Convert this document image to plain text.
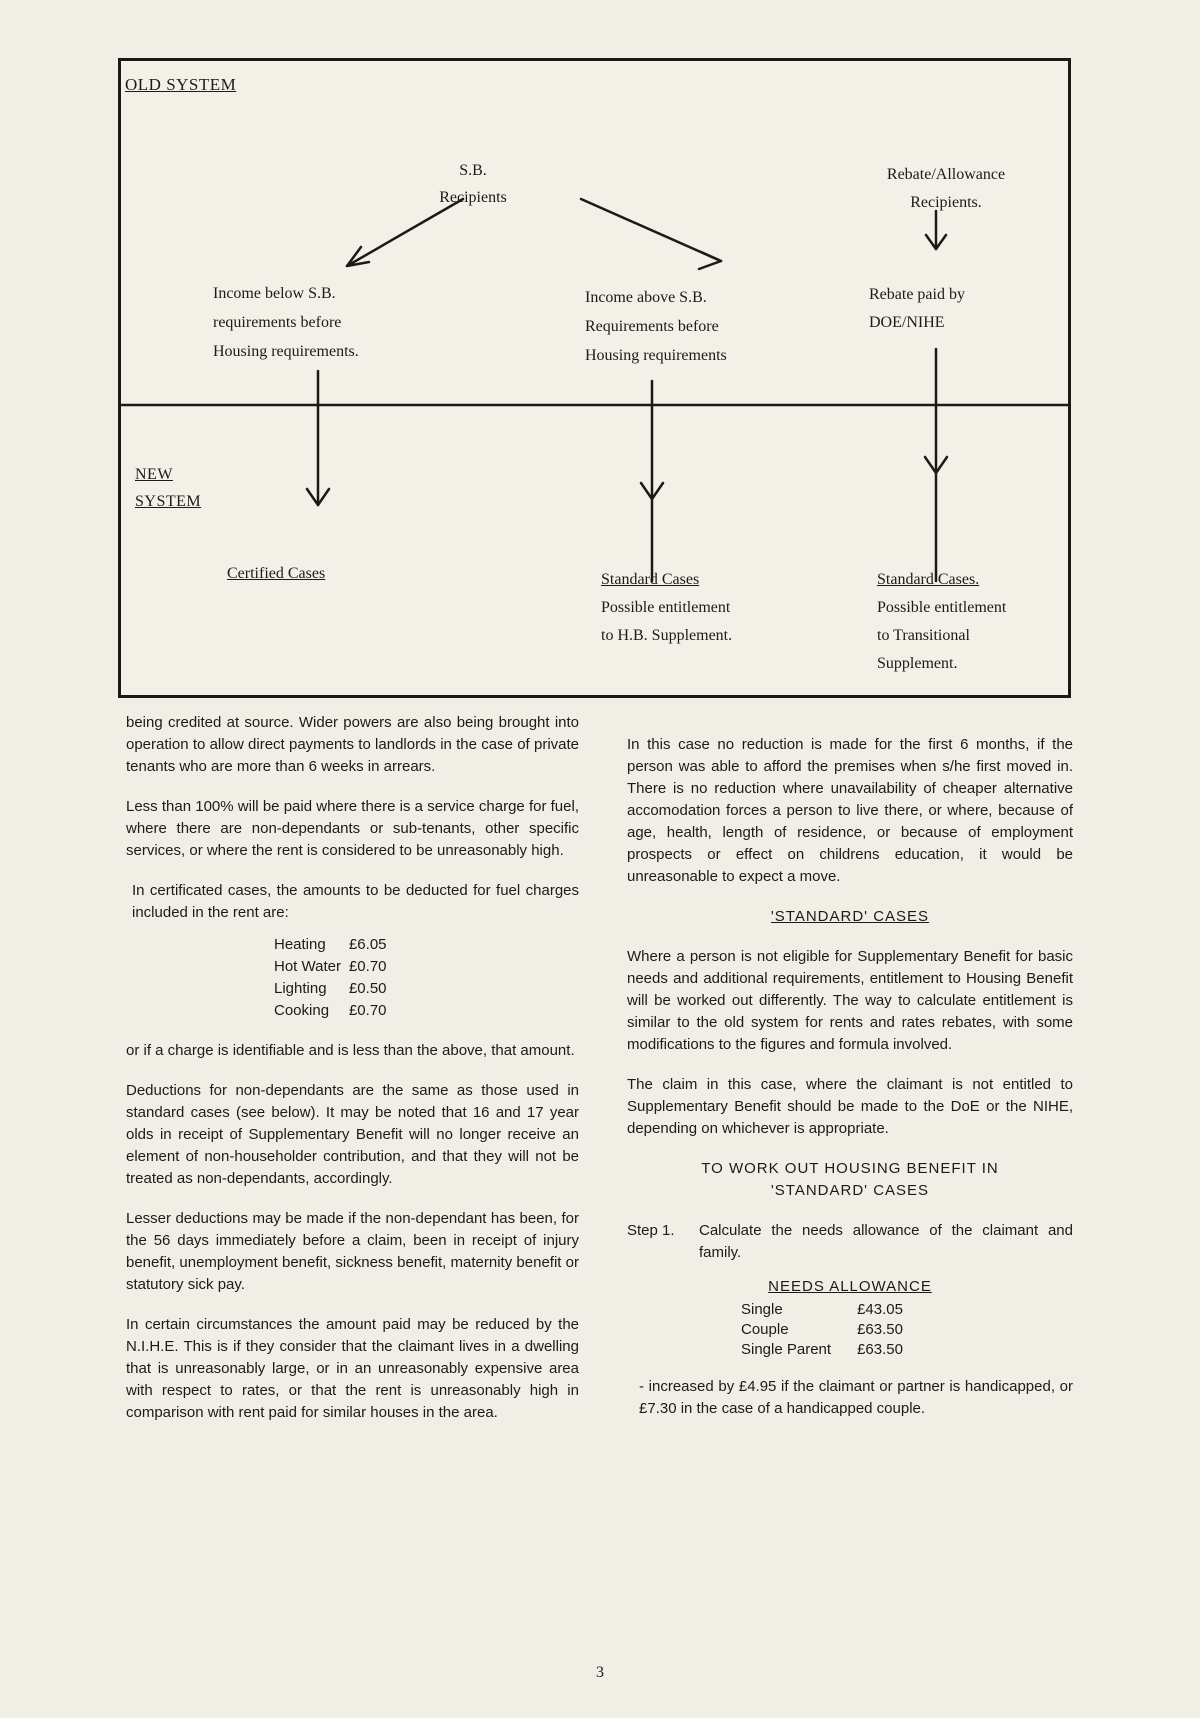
OLD SYSTEM
S.B.
Recipients
Rebate/Allowance
Recipients.
Income below S.B.
requirements before
Housing requirements.
Income above S.B.
Requirements before
Housing requirements
Rebate paid by
DOE/NIHE
NEW
SYSTEM
Certified Cases	Standard Cases
Possible entitlement
to H.B. Supplement.
Standard Cases.
Possible entitlement
to Transitional
Supplement.

being credited at source. Wider powers are also being brought into operation to allow direct payments to landlords in the case of private tenants who are more than 6 weeks in arrears.

Less than 100% will be paid where there is a service charge for fuel, where there are non-dependants or sub-tenants, other specific services, or where the rent is considered to be unreasonably high.

In certificated cases, the amounts to be deducted for fuel charges included in the rent are:
Heating	£6.05
Hot Water	£0.70
Lighting	£0.50
Cooking	£0.70

or if a charge is identifiable and is less than the above, that amount.

Deductions for non-dependants are the same as those used in standard cases (see below). It may be noted that 16 and 17 year olds in receipt of Supplementary Benefit will no longer receive an element of non-householder contribution, and that they will not be treated as non-dependants, accordingly.

Lesser deductions may be made if the non-dependant has been, for the 56 days immediately before a claim, been in receipt of injury benefit, unemployment benefit, sickness benefit, maternity benefit or statutory sick pay.

In certain circumstances the amount paid may be reduced by the N.I.H.E. This is if they consider that the claimant lives in a dwelling that is unreasonably large, or in an unreasonably expensive area with respect to rates, or that the rent is unreasonably high in comparison with rent paid for similar houses in the area.

In this case no reduction is made for the first 6 months, if the person was able to afford the premises when s/he first moved in. There is no reduction where unavailability of cheaper alternative accomodation forces a person to live there, or where, because of age, health, length of residence, or because of employment prospects or effect on childrens education, it would be unreasonable to expect a move.

'STANDARD' CASES

Where a person is not eligible for Supplementary Benefit for basic needs and additional requirements, entitlement to Housing Benefit will be worked out differently. The way to calculate entitlement is similar to the old system for rents and rates rebates, with some modifications to the figures and formula involved.

The claim in this case, where the claimant is not entitled to Supplementary Benefit should be made to the DoE or the NIHE, depending on whichever is appropriate.

TO WORK OUT HOUSING BENEFIT IN 'STANDARD' CASES
Step 1.	Calculate the needs allowance of the claimant and family.
NEEDS ALLOWANCE
Single	£43.05
Couple	£63.50
Single Parent	£63.50
- increased by £4.95 if the claimant or partner is handicapped, or £7.30 in the case of a handicapped couple.
3
